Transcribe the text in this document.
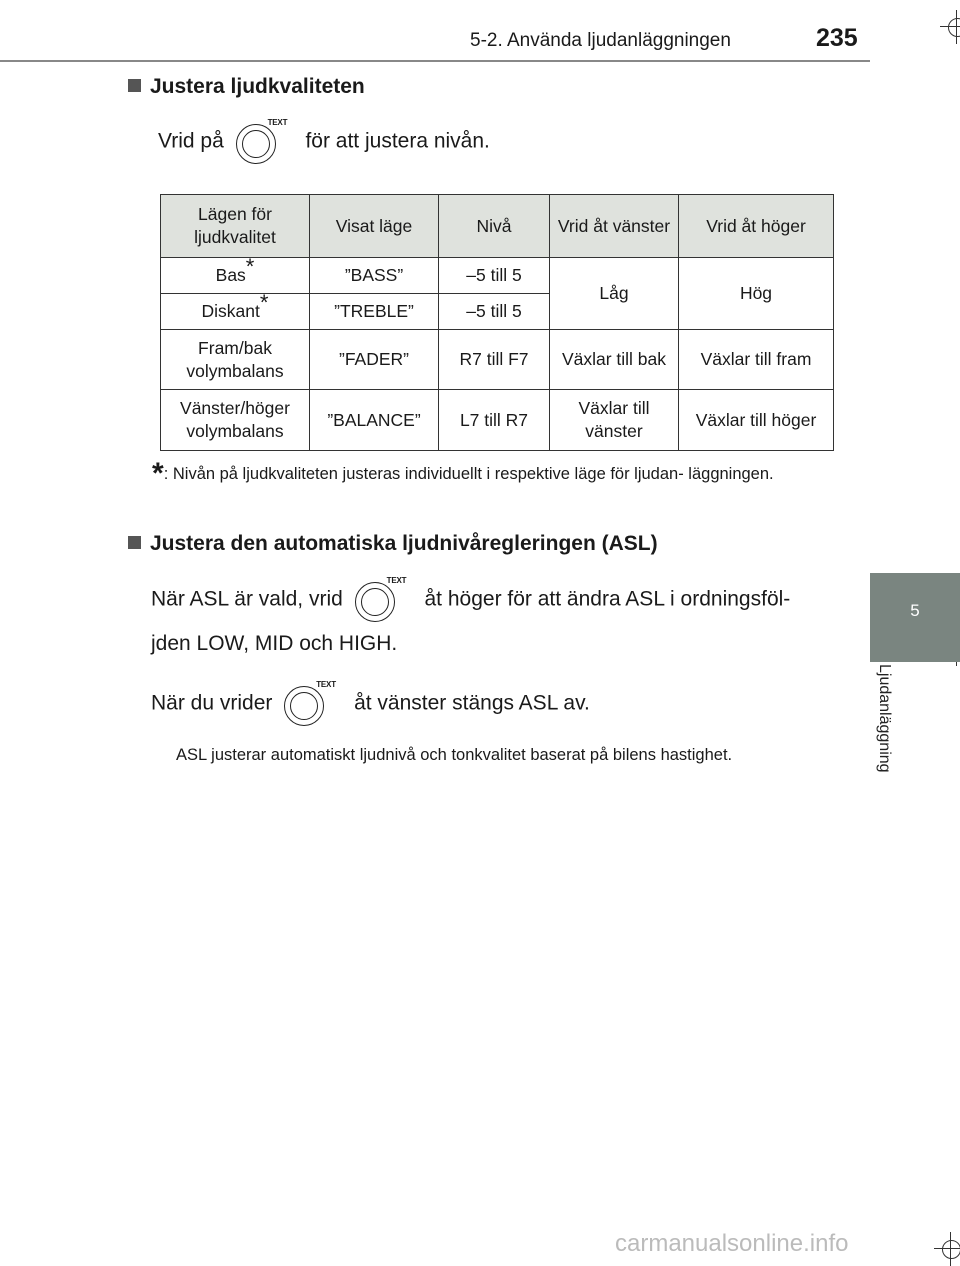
5-2. Använda ljudanläggningen	235
5
Ljudanläggning
Justera ljudkvaliteten
Vrid på
TEXT
för att justera nivån.
Lägen för ljudkvalitet	Visat läge	Nivå	Vrid åt vänster	Vrid åt höger
Bas*	”BASS”	–5 till 5	Låg	Hög
Diskant*	”TREBLE”	–5 till 5		
Fram/bak volymbalans	”FADER”	R7 till F7	Växlar till bak	Växlar till fram
Vänster/höger volymbalans	”BALANCE”	L7 till R7	Växlar till vänster	Växlar till höger
*: Nivån på ljudkvaliteten justeras individuellt i respektive läge för ljudan- läggningen.
Justera den automatiska ljudnivåregleringen (ASL)
När ASL är vald, vrid
TEXT
åt höger för att ändra ASL i ordningsföl-
jden LOW, MID och HIGH.
När du vrider
TEXT
åt vänster stängs ASL av.
ASL justerar automatiskt ljudnivå och tonkvalitet baserat på bilens hastighet.
carmanualsonline.info
